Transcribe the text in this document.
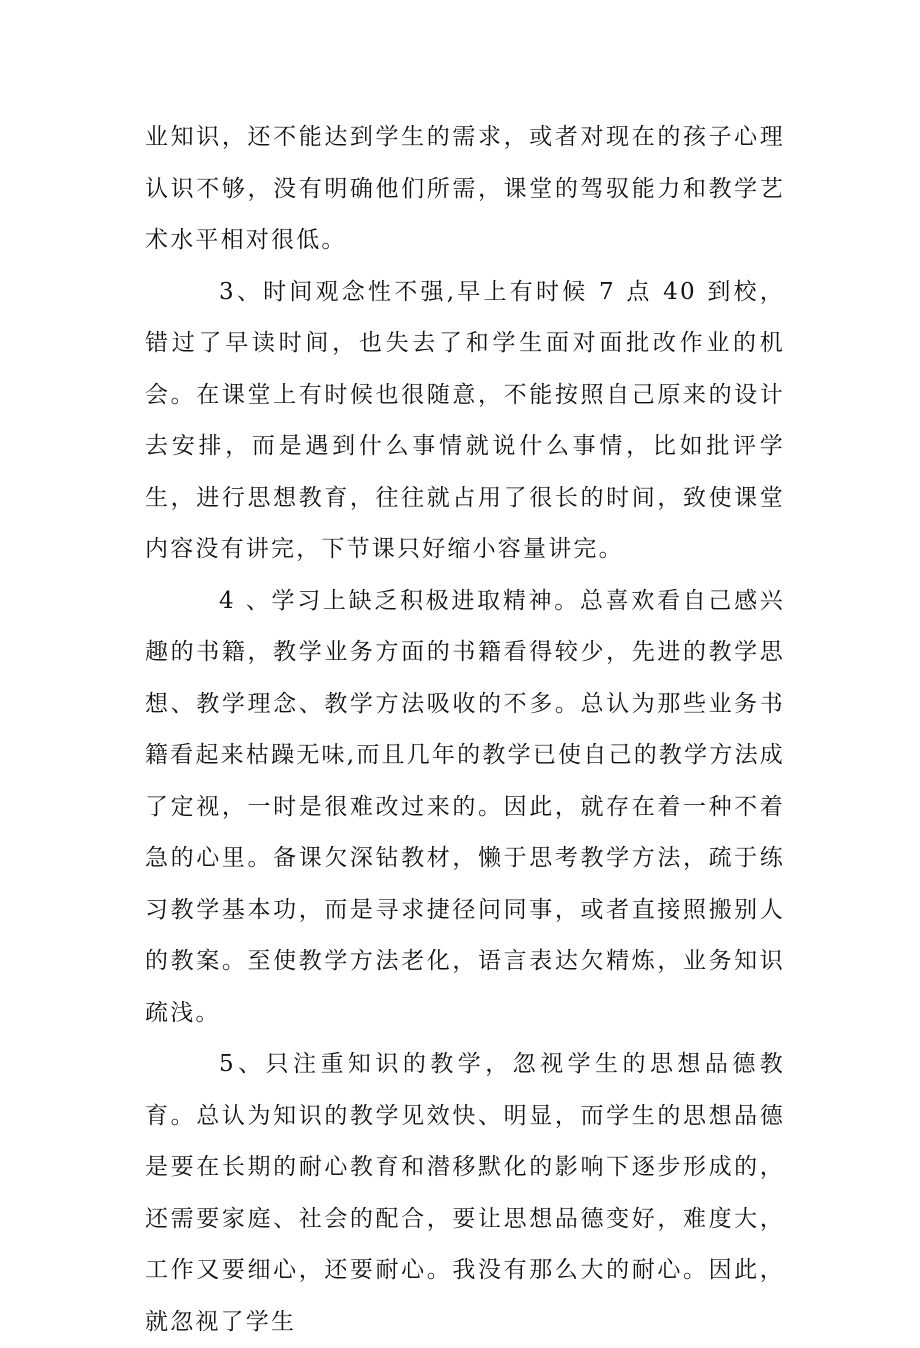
业知识，还不能达到学生的需求，或者对现在的孩子心理认识不够，没有明确他们所需，课堂的驾驭能力和教学艺术水平相对很低。

3、时间观念性不强,早上有时候 7 点 40 到校，错过了早读时间，也失去了和学生面对面批改作业的机会。在课堂上有时候也很随意，不能按照自己原来的设计去安排，而是遇到什么事情就说什么事情，比如批评学生，进行思想教育，往往就占用了很长的时间，致使课堂内容没有讲完，下节课只好缩小容量讲完。

4 、学习上缺乏积极进取精神。总喜欢看自己感兴趣的书籍，教学业务方面的书籍看得较少，先进的教学思想、教学理念、教学方法吸收的不多。总认为那些业务书籍看起来枯躁无味,而且几年的教学已使自己的教学方法成了定视，一时是很难改过来的。因此，就存在着一种不着急的心里。备课欠深钻教材，懒于思考教学方法，疏于练习教学基本功，而是寻求捷径问同事，或者直接照搬别人的教案。至使教学方法老化，语言表达欠精炼，业务知识疏浅。

5、只注重知识的教学，忽视学生的思想品德教育。总认为知识的教学见效快、明显，而学生的思想品德是要在长期的耐心教育和潜移默化的影响下逐步形成的，还需要家庭、社会的配合，要让思想品德变好，难度大，工作又要细心，还要耐心。我没有那么大的耐心。因此，就忽视了学生
